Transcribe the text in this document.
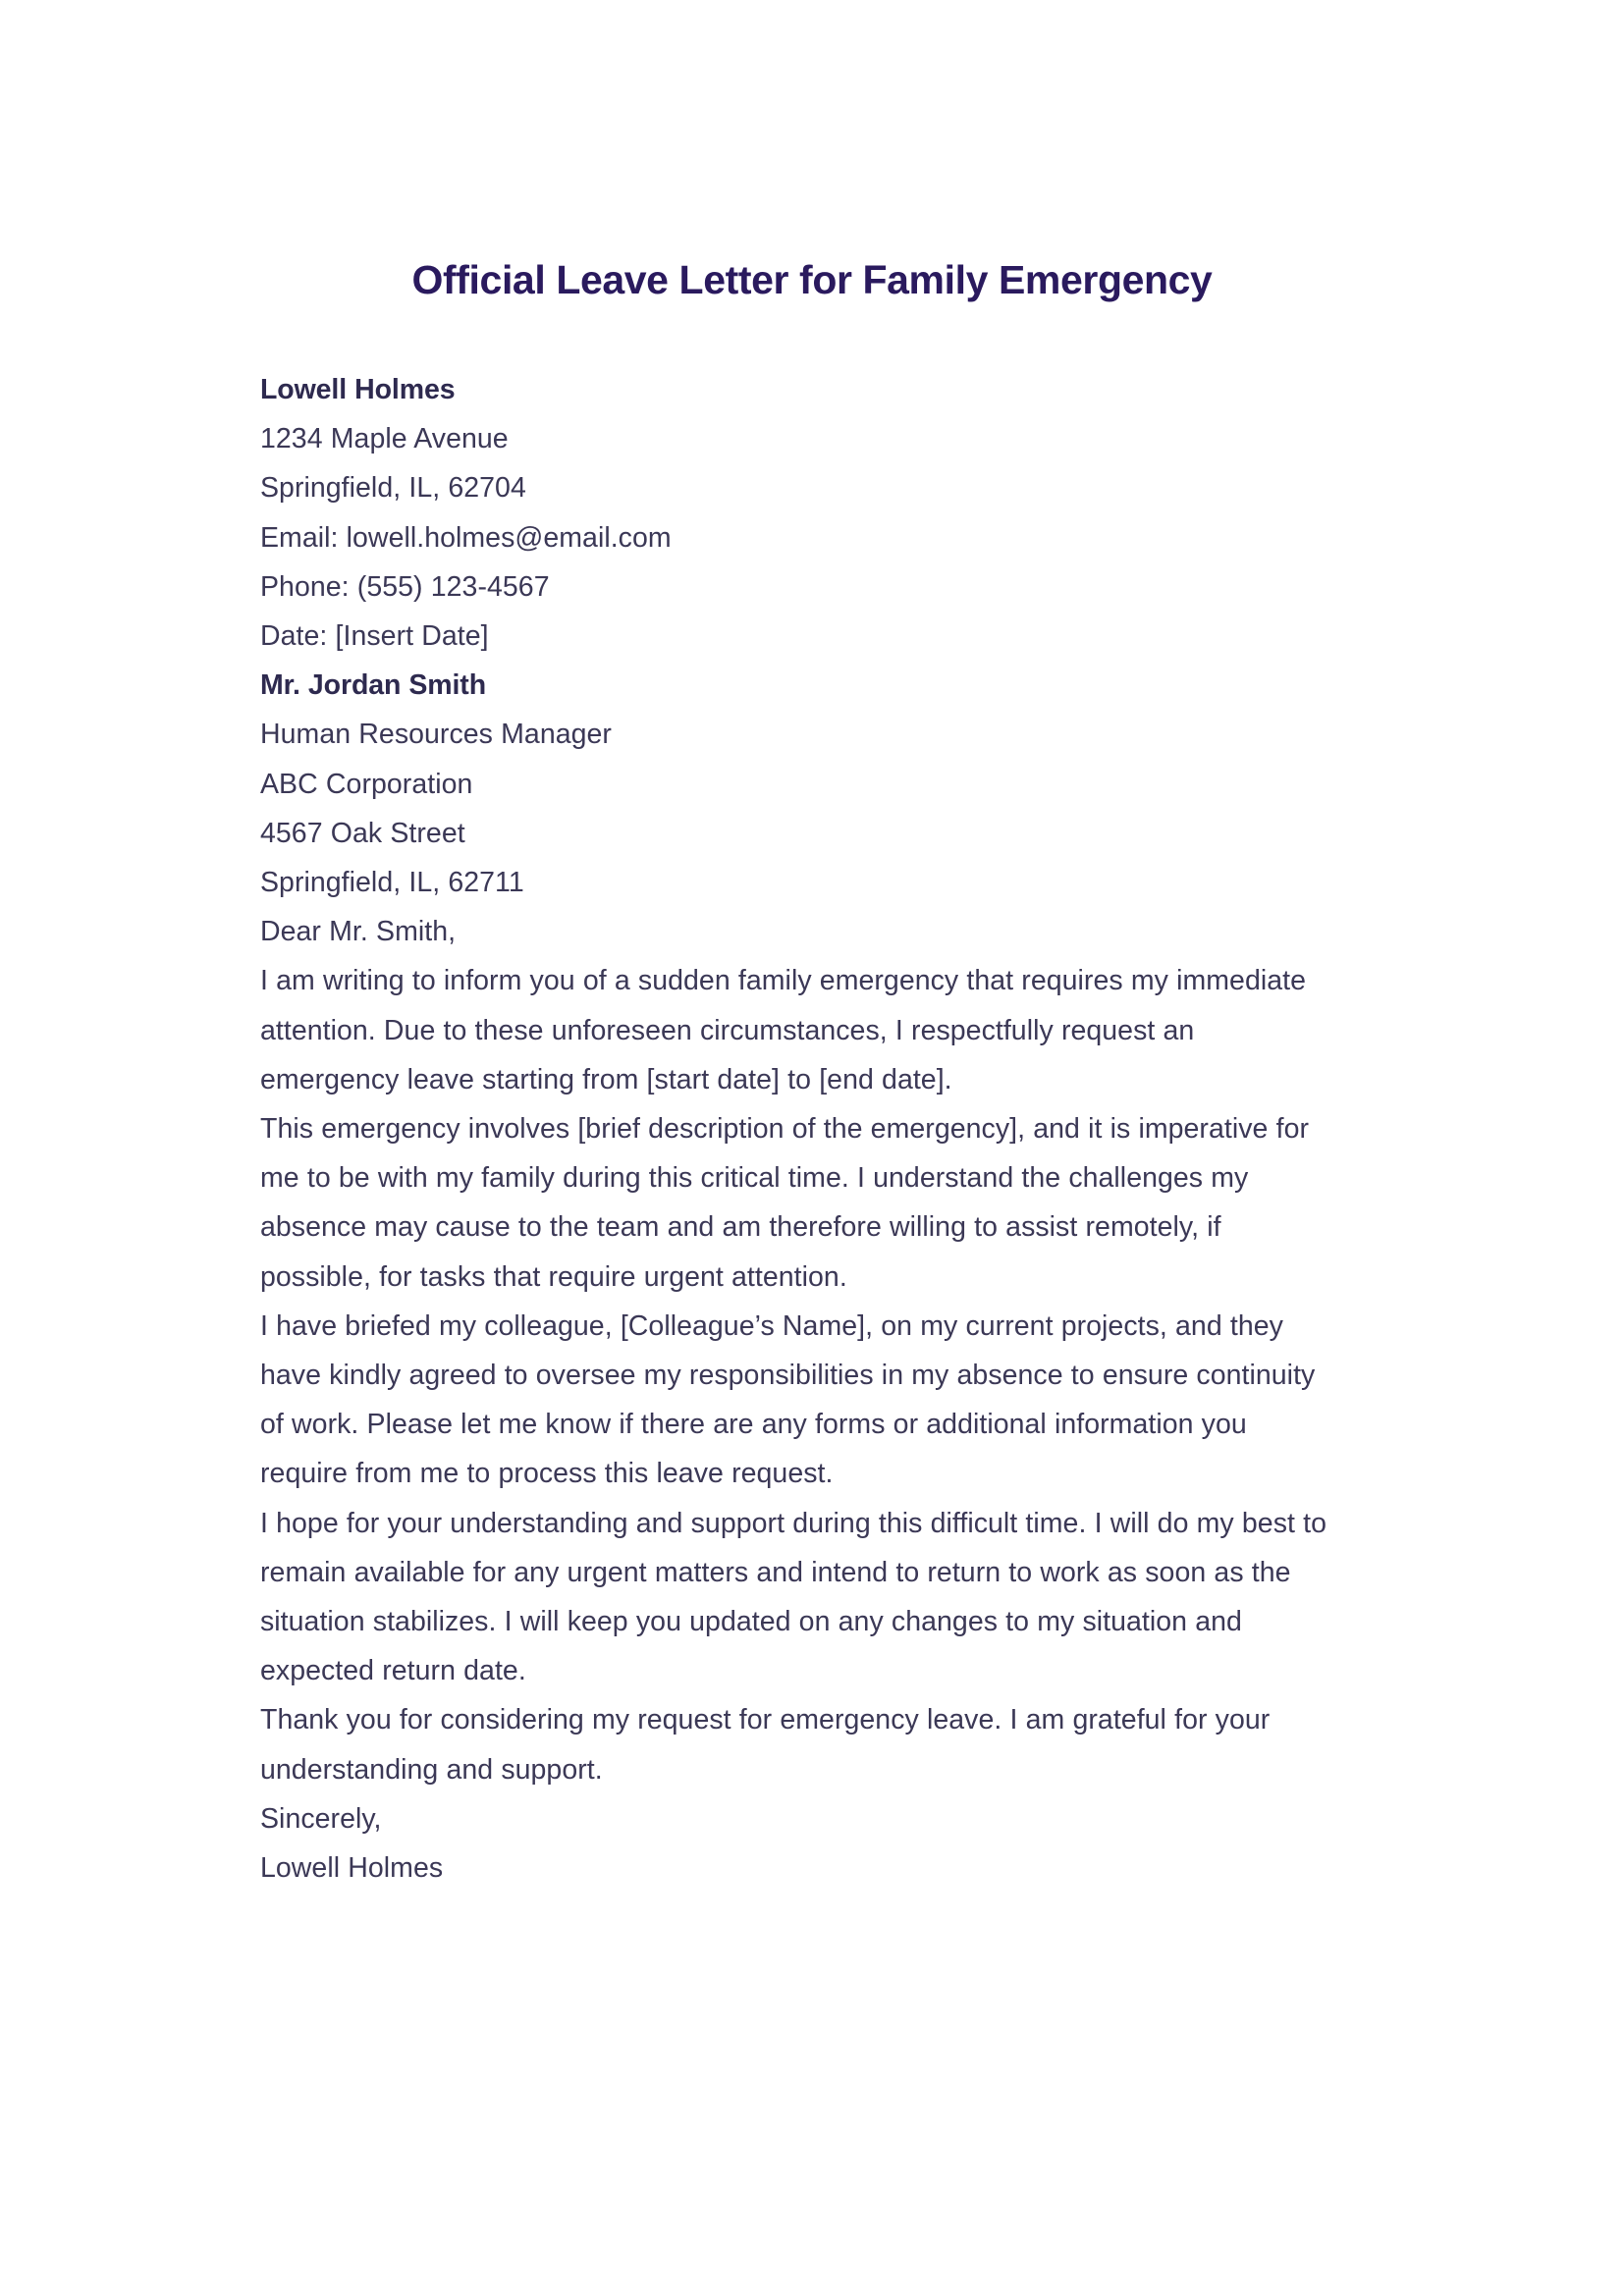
Official Leave Letter for Family Emergency
Lowell Holmes
1234 Maple Avenue
Springfield, IL, 62704
Email: lowell.holmes@email.com
Phone: (555) 123-4567
Date: [Insert Date]
Mr. Jordan Smith
Human Resources Manager
ABC Corporation
4567 Oak Street
Springfield, IL, 62711
Dear Mr. Smith,

I am writing to inform you of a sudden family emergency that requires my immediate attention. Due to these unforeseen circumstances, I respectfully request an emergency leave starting from [start date] to [end date].

This emergency involves [brief description of the emergency], and it is imperative for me to be with my family during this critical time. I understand the challenges my absence may cause to the team and am therefore willing to assist remotely, if possible, for tasks that require urgent attention.

I have briefed my colleague, [Colleague’s Name], on my current projects, and they have kindly agreed to oversee my responsibilities in my absence to ensure continuity of work. Please let me know if there are any forms or additional information you require from me to process this leave request.

I hope for your understanding and support during this difficult time. I will do my best to remain available for any urgent matters and intend to return to work as soon as the situation stabilizes. I will keep you updated on any changes to my situation and expected return date.

Thank you for considering my request for emergency leave. I am grateful for your understanding and support.

Sincerely,
Lowell Holmes
